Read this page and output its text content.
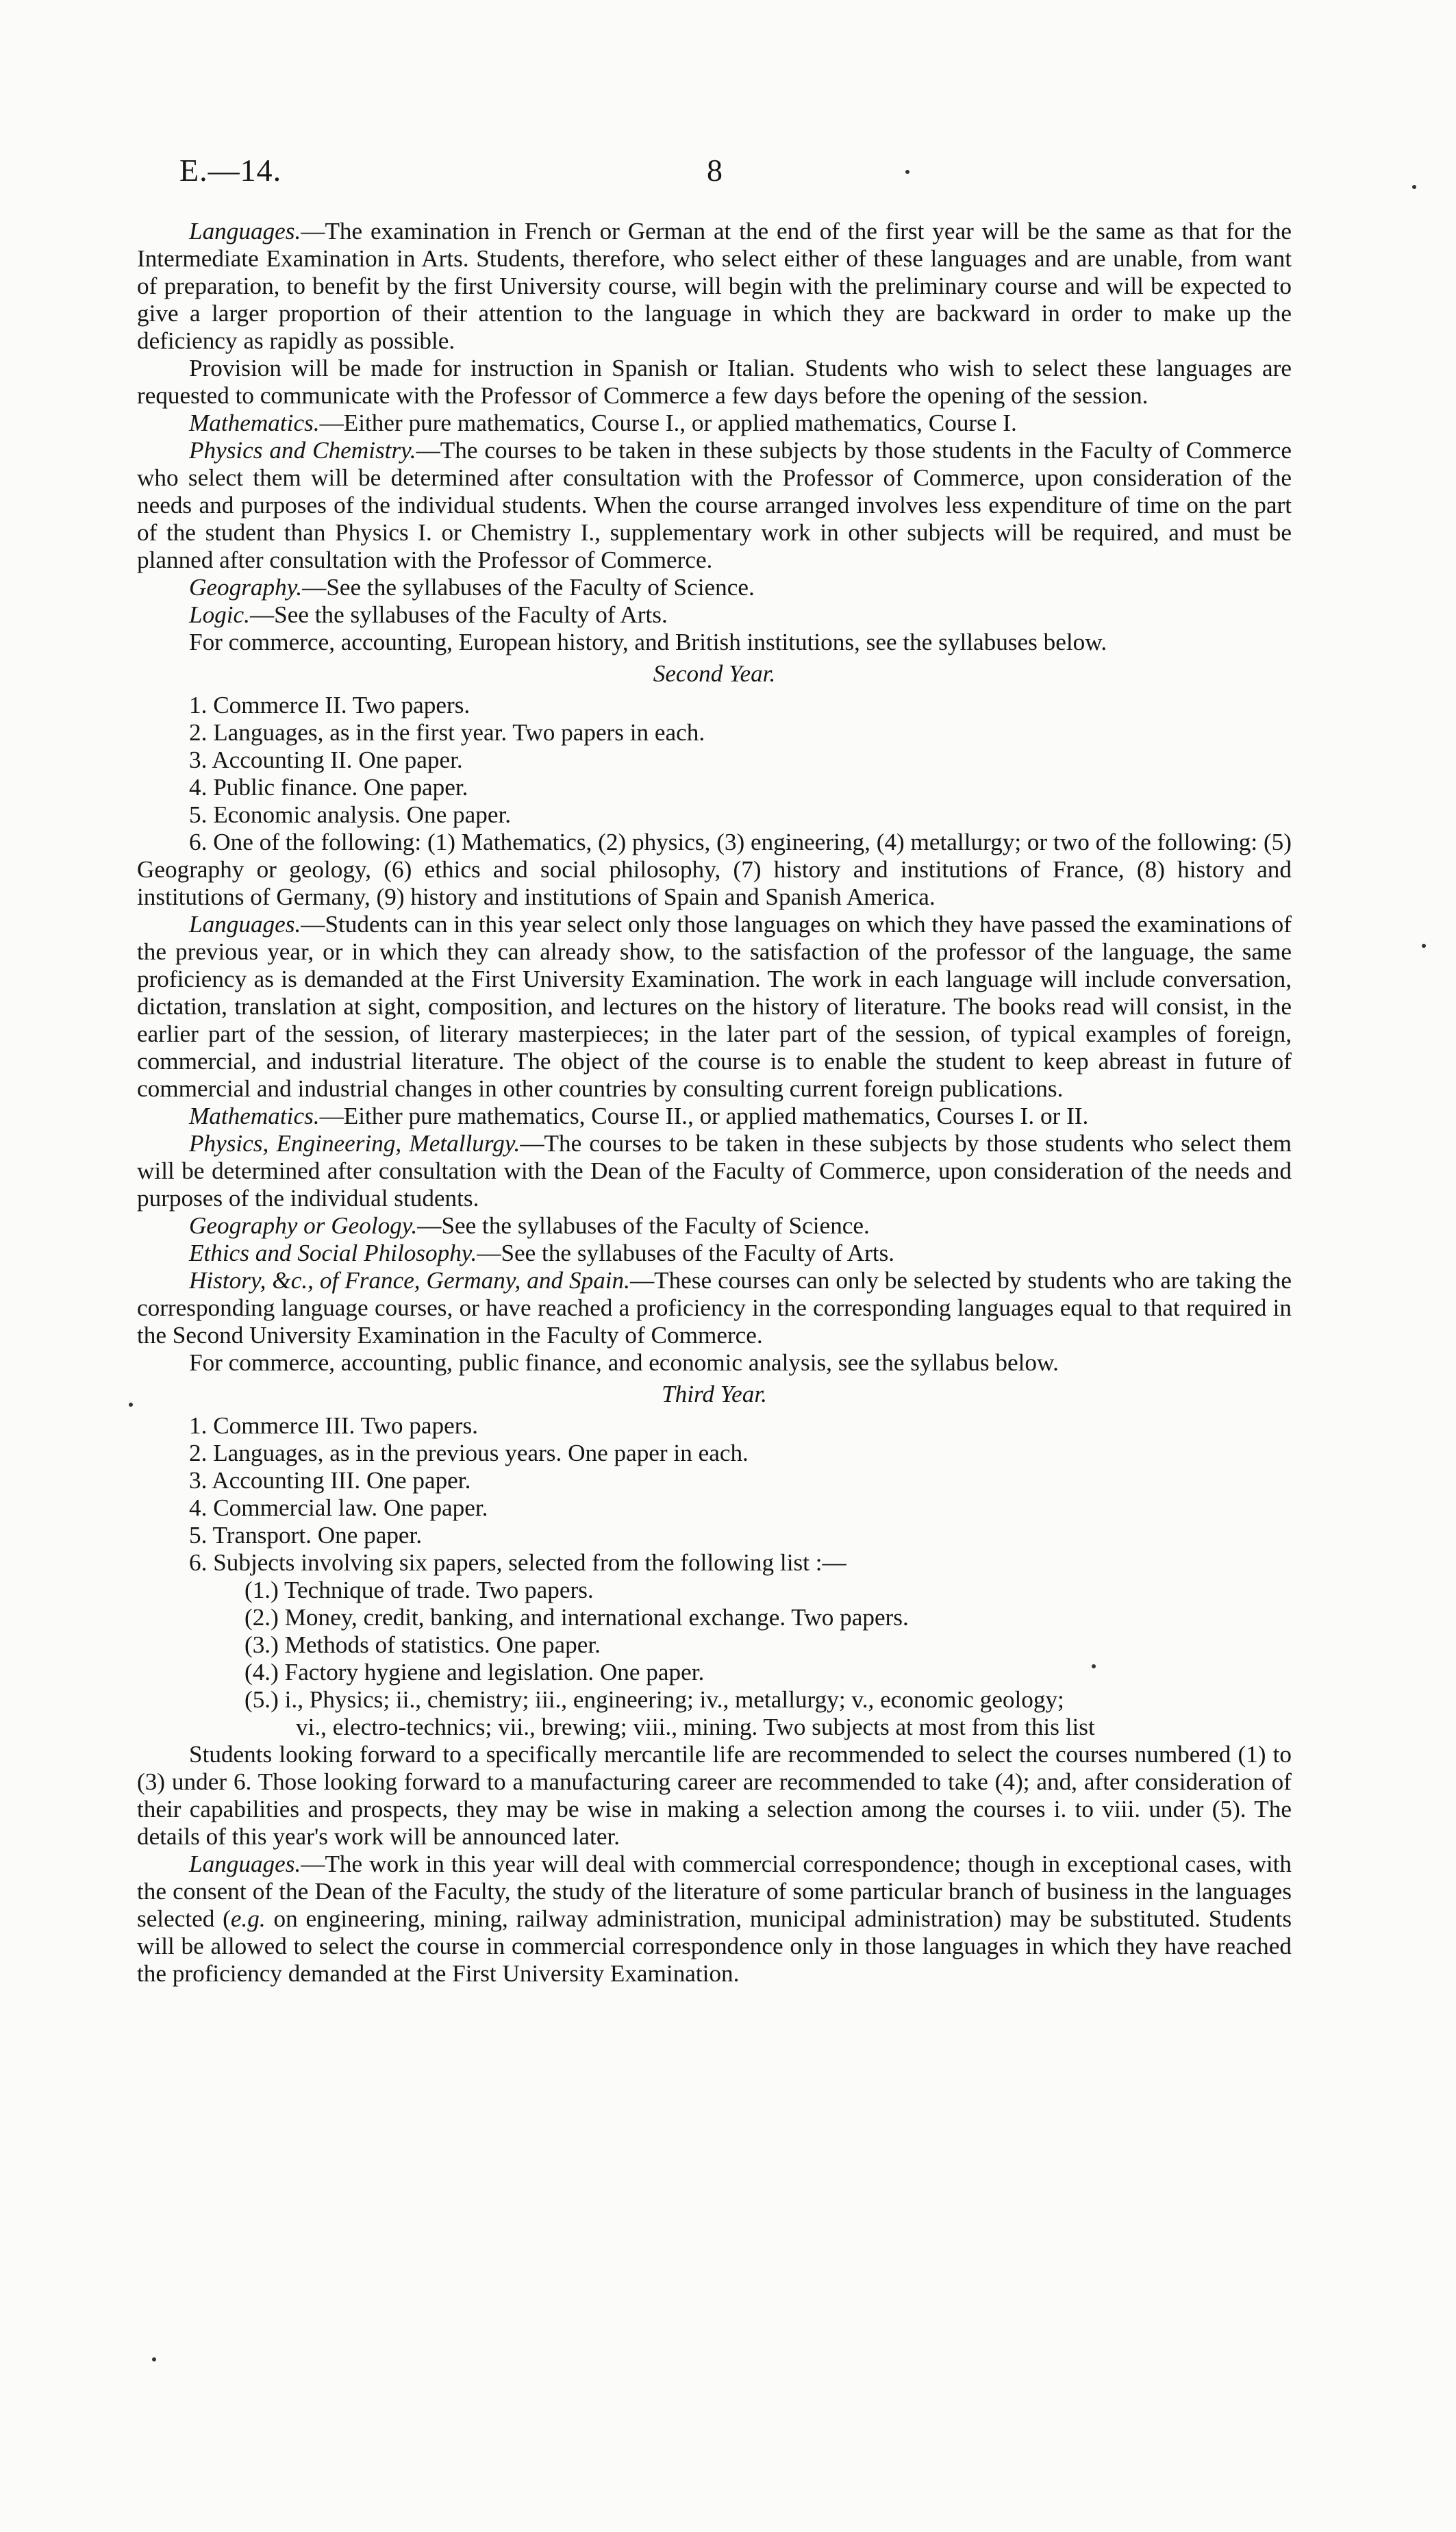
E.—14.	8

Languages.—The examination in French or German at the end of the first year will be the same as that for the Intermediate Examination in Arts. Students, therefore, who select either of these languages and are unable, from want of preparation, to benefit by the first University course, will begin with the preliminary course and will be expected to give a larger proportion of their attention to the language in which they are backward in order to make up the deficiency as rapidly as possible.

Provision will be made for instruction in Spanish or Italian. Students who wish to select these languages are requested to communicate with the Professor of Commerce a few days before the opening of the session.

Mathematics.—Either pure mathematics, Course I., or applied mathematics, Course I.

Physics and Chemistry.—The courses to be taken in these subjects by those students in the Faculty of Commerce who select them will be determined after consultation with the Professor of Commerce, upon consideration of the needs and purposes of the individual students. When the course arranged involves less expenditure of time on the part of the student than Physics I. or Chemistry I., supplementary work in other subjects will be required, and must be planned after consultation with the Professor of Commerce.

Geography.—See the syllabuses of the Faculty of Science.

Logic.—See the syllabuses of the Faculty of Arts.

For commerce, accounting, European history, and British institutions, see the syllabuses below.

Second Year.
1. Commerce II. Two papers.
2. Languages, as in the first year. Two papers in each.
3. Accounting II. One paper.
4. Public finance. One paper.
5. Economic analysis. One paper.

6. One of the following: (1) Mathematics, (2) physics, (3) engineering, (4) metallurgy; or two of the following: (5) Geography or geology, (6) ethics and social philosophy, (7) history and institutions of France, (8) history and institutions of Germany, (9) history and institutions of Spain and Spanish America.

Languages.—Students can in this year select only those languages on which they have passed the examinations of the previous year, or in which they can already show, to the satisfaction of the professor of the language, the same proficiency as is demanded at the First University Examination. The work in each language will include conversation, dictation, translation at sight, composition, and lectures on the history of literature. The books read will consist, in the earlier part of the session, of literary masterpieces; in the later part of the session, of typical examples of foreign, commercial, and industrial literature. The object of the course is to enable the student to keep abreast in future of commercial and industrial changes in other countries by consulting current foreign publications.

Mathematics.—Either pure mathematics, Course II., or applied mathematics, Courses I. or II.

Physics, Engineering, Metallurgy.—The courses to be taken in these subjects by those students who select them will be determined after consultation with the Dean of the Faculty of Commerce, upon consideration of the needs and purposes of the individual students.

Geography or Geology.—See the syllabuses of the Faculty of Science.

Ethics and Social Philosophy.—See the syllabuses of the Faculty of Arts.

History, &c., of France, Germany, and Spain.—These courses can only be selected by students who are taking the corresponding language courses, or have reached a proficiency in the corresponding languages equal to that required in the Second University Examination in the Faculty of Commerce.

For commerce, accounting, public finance, and economic analysis, see the syllabus below.

Third Year.
1. Commerce III. Two papers.
2. Languages, as in the previous years. One paper in each.
3. Accounting III. One paper.
4. Commercial law. One paper.
5. Transport. One paper.
6. Subjects involving six papers, selected from the following list :—
(1.) Technique of trade. Two papers.
(2.) Money, credit, banking, and international exchange. Two papers.
(3.) Methods of statistics. One paper.
(4.) Factory hygiene and legislation. One paper.
(5.) i., Physics; ii., chemistry; iii., engineering; iv., metallurgy; v., economic geology;
vi., electro-technics; vii., brewing; viii., mining. Two subjects at most from this list

Students looking forward to a specifically mercantile life are recommended to select the courses numbered (1) to (3) under 6. Those looking forward to a manufacturing career are recommended to take (4); and, after consideration of their capabilities and prospects, they may be wise in making a selection among the courses i. to viii. under (5). The details of this year's work will be announced later.

Languages.—The work in this year will deal with commercial correspondence; though in exceptional cases, with the consent of the Dean of the Faculty, the study of the literature of some particular branch of business in the languages selected (e.g. on engineering, mining, railway administration, municipal administration) may be substituted. Students will be allowed to select the course in commercial correspondence only in those languages in which they have reached the proficiency demanded at the First University Examination.
